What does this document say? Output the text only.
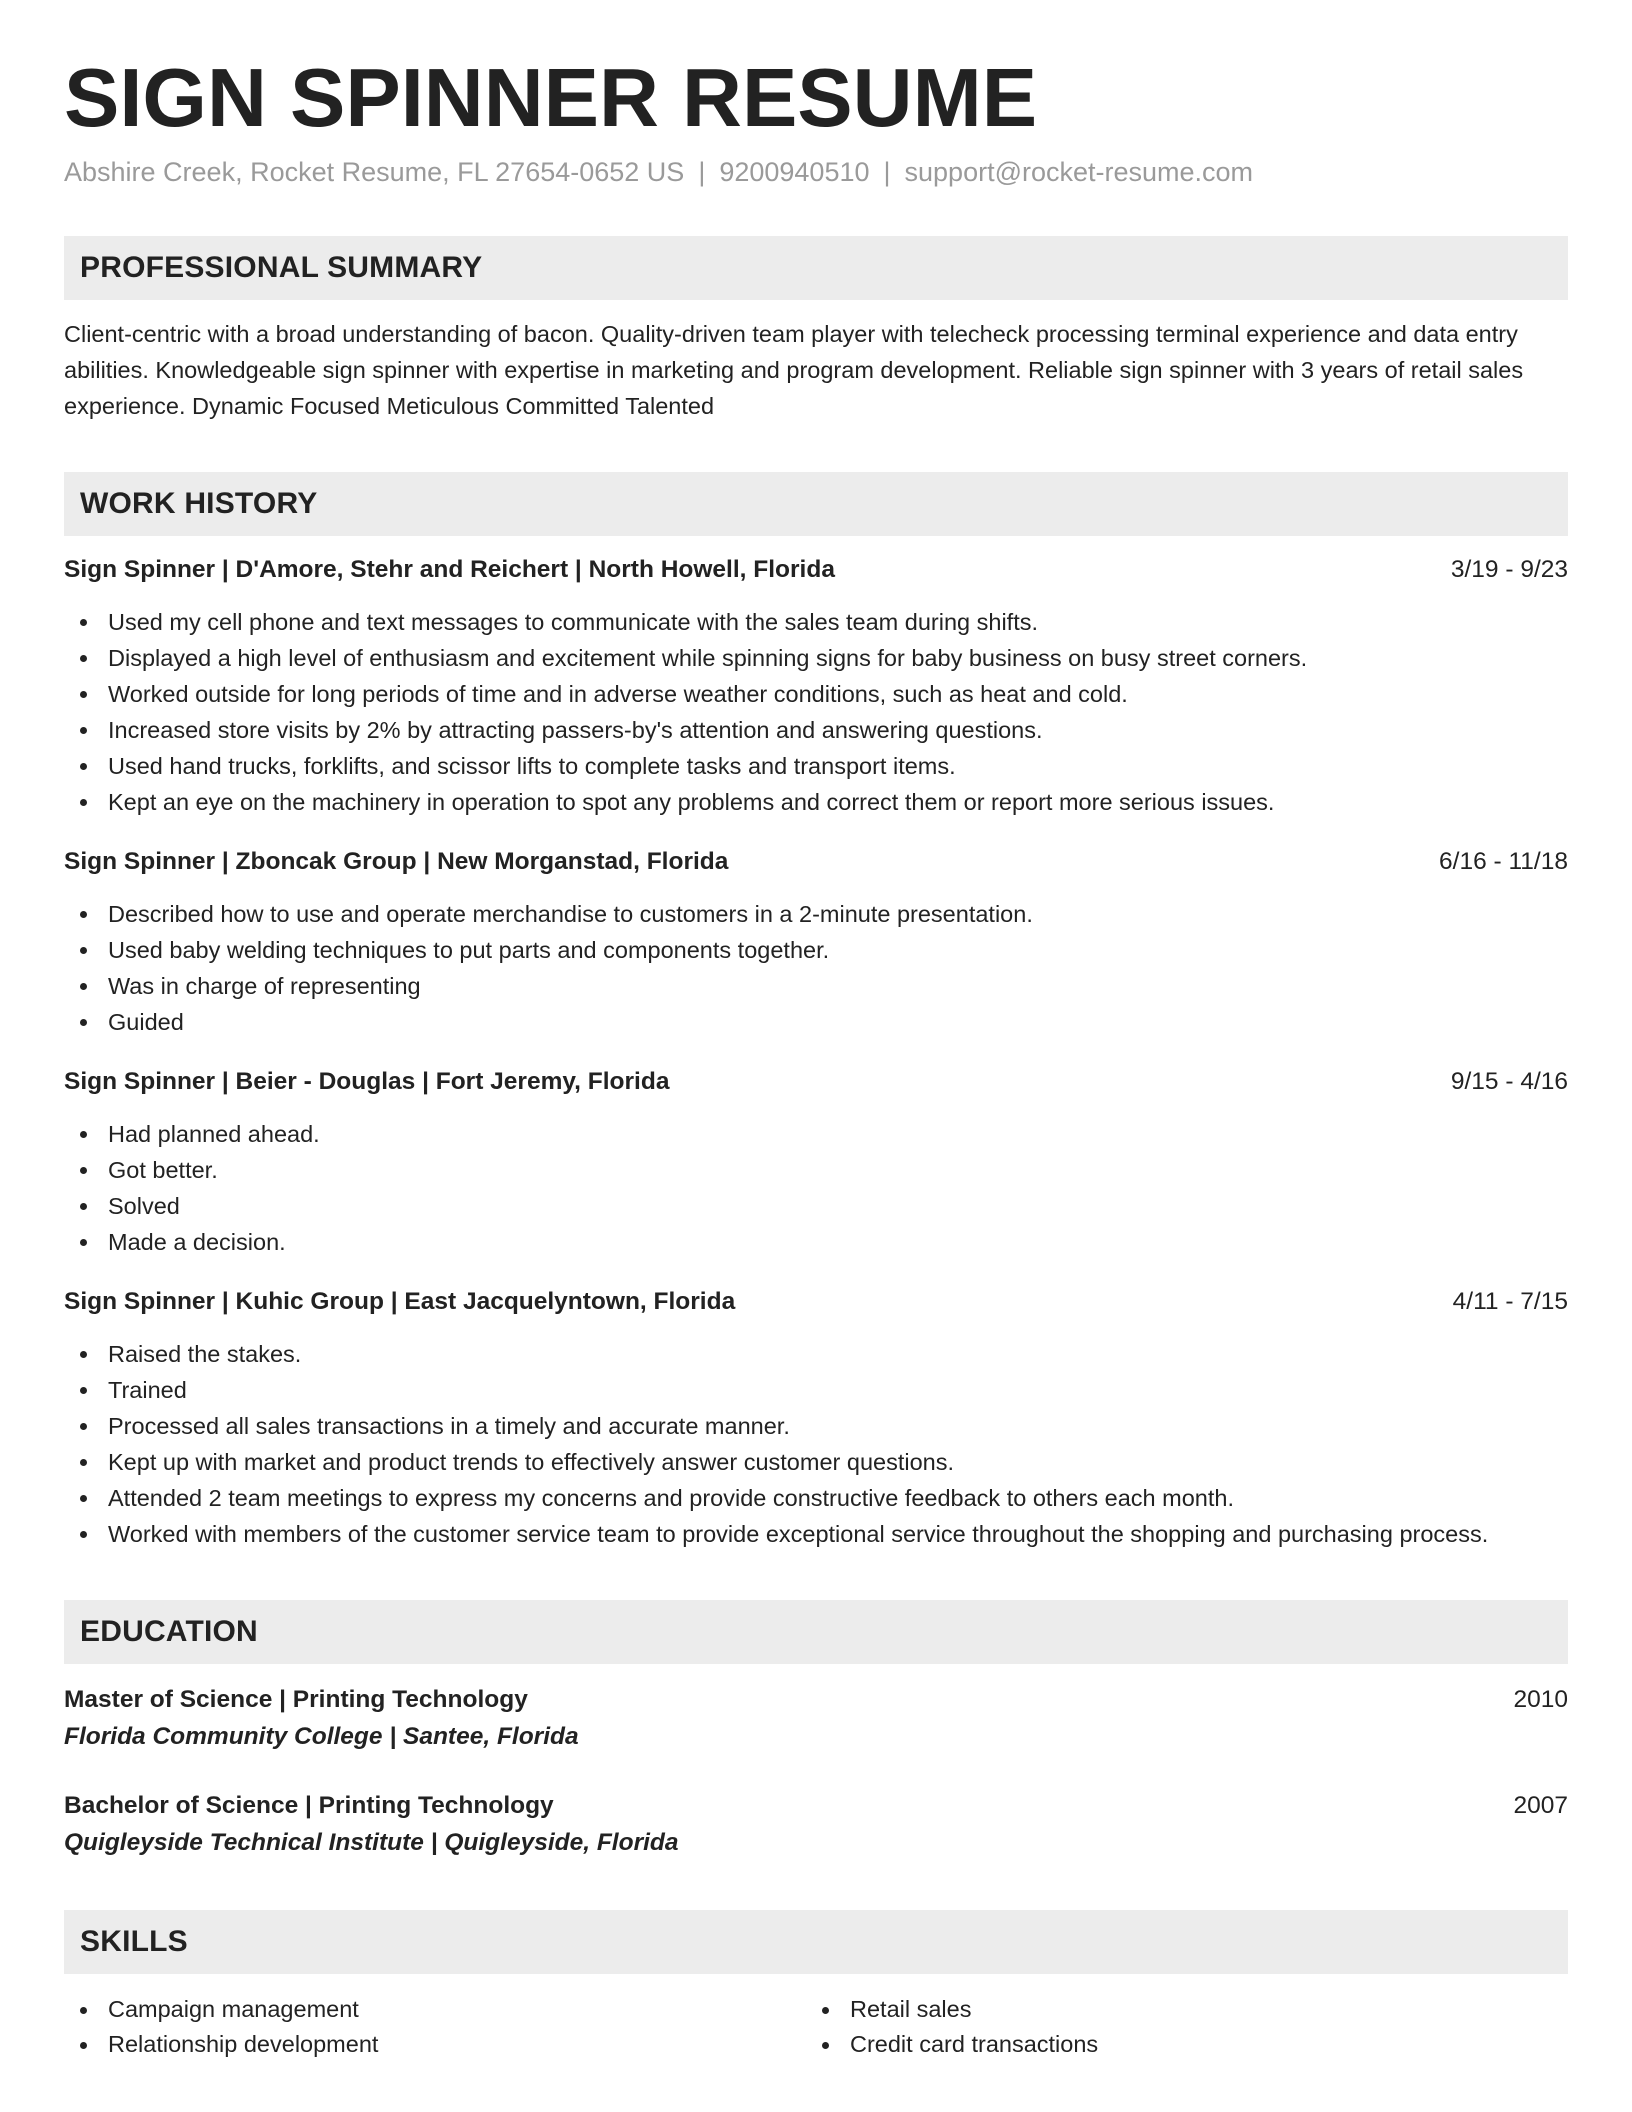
SIGN SPINNER RESUME
Abshire Creek, Rocket Resume, FL 27654-0652 US | 9200940510 | support@rocket-resume.com
PROFESSIONAL SUMMARY

Client-centric with a broad understanding of bacon. Quality-driven team player with telecheck processing terminal experience and data entry abilities. Knowledgeable sign spinner with expertise in marketing and program development. Reliable sign spinner with 3 years of retail sales experience. Dynamic Focused Meticulous Committed Talented

WORK HISTORY
Sign Spinner | D'Amore, Stehr and Reichert | North Howell, Florida	3/19 - 9/23
Used my cell phone and text messages to communicate with the sales team during shifts.
Displayed a high level of enthusiasm and excitement while spinning signs for baby business on busy street corners.
Worked outside for long periods of time and in adverse weather conditions, such as heat and cold.
Increased store visits by 2% by attracting passers-by's attention and answering questions.
Used hand trucks, forklifts, and scissor lifts to complete tasks and transport items.
Kept an eye on the machinery in operation to spot any problems and correct them or report more serious issues.
Sign Spinner | Zboncak Group | New Morganstad, Florida	6/16 - 11/18
Described how to use and operate merchandise to customers in a 2-minute presentation.
Used baby welding techniques to put parts and components together.
Was in charge of representing
Guided
Sign Spinner | Beier - Douglas | Fort Jeremy, Florida	9/15 - 4/16
Had planned ahead.
Got better.
Solved
Made a decision.
Sign Spinner | Kuhic Group | East Jacquelyntown, Florida	4/11 - 7/15
Raised the stakes.
Trained
Processed all sales transactions in a timely and accurate manner.
Kept up with market and product trends to effectively answer customer questions.
Attended 2 team meetings to express my concerns and provide constructive feedback to others each month.
Worked with members of the customer service team to provide exceptional service throughout the shopping and purchasing process.
EDUCATION
Master of Science | Printing Technology	2010
Florida Community College | Santee, Florida
Bachelor of Science | Printing Technology	2007
Quigleyside Technical Institute | Quigleyside, Florida
SKILLS
Campaign management
Relationship development
Retail sales
Credit card transactions
